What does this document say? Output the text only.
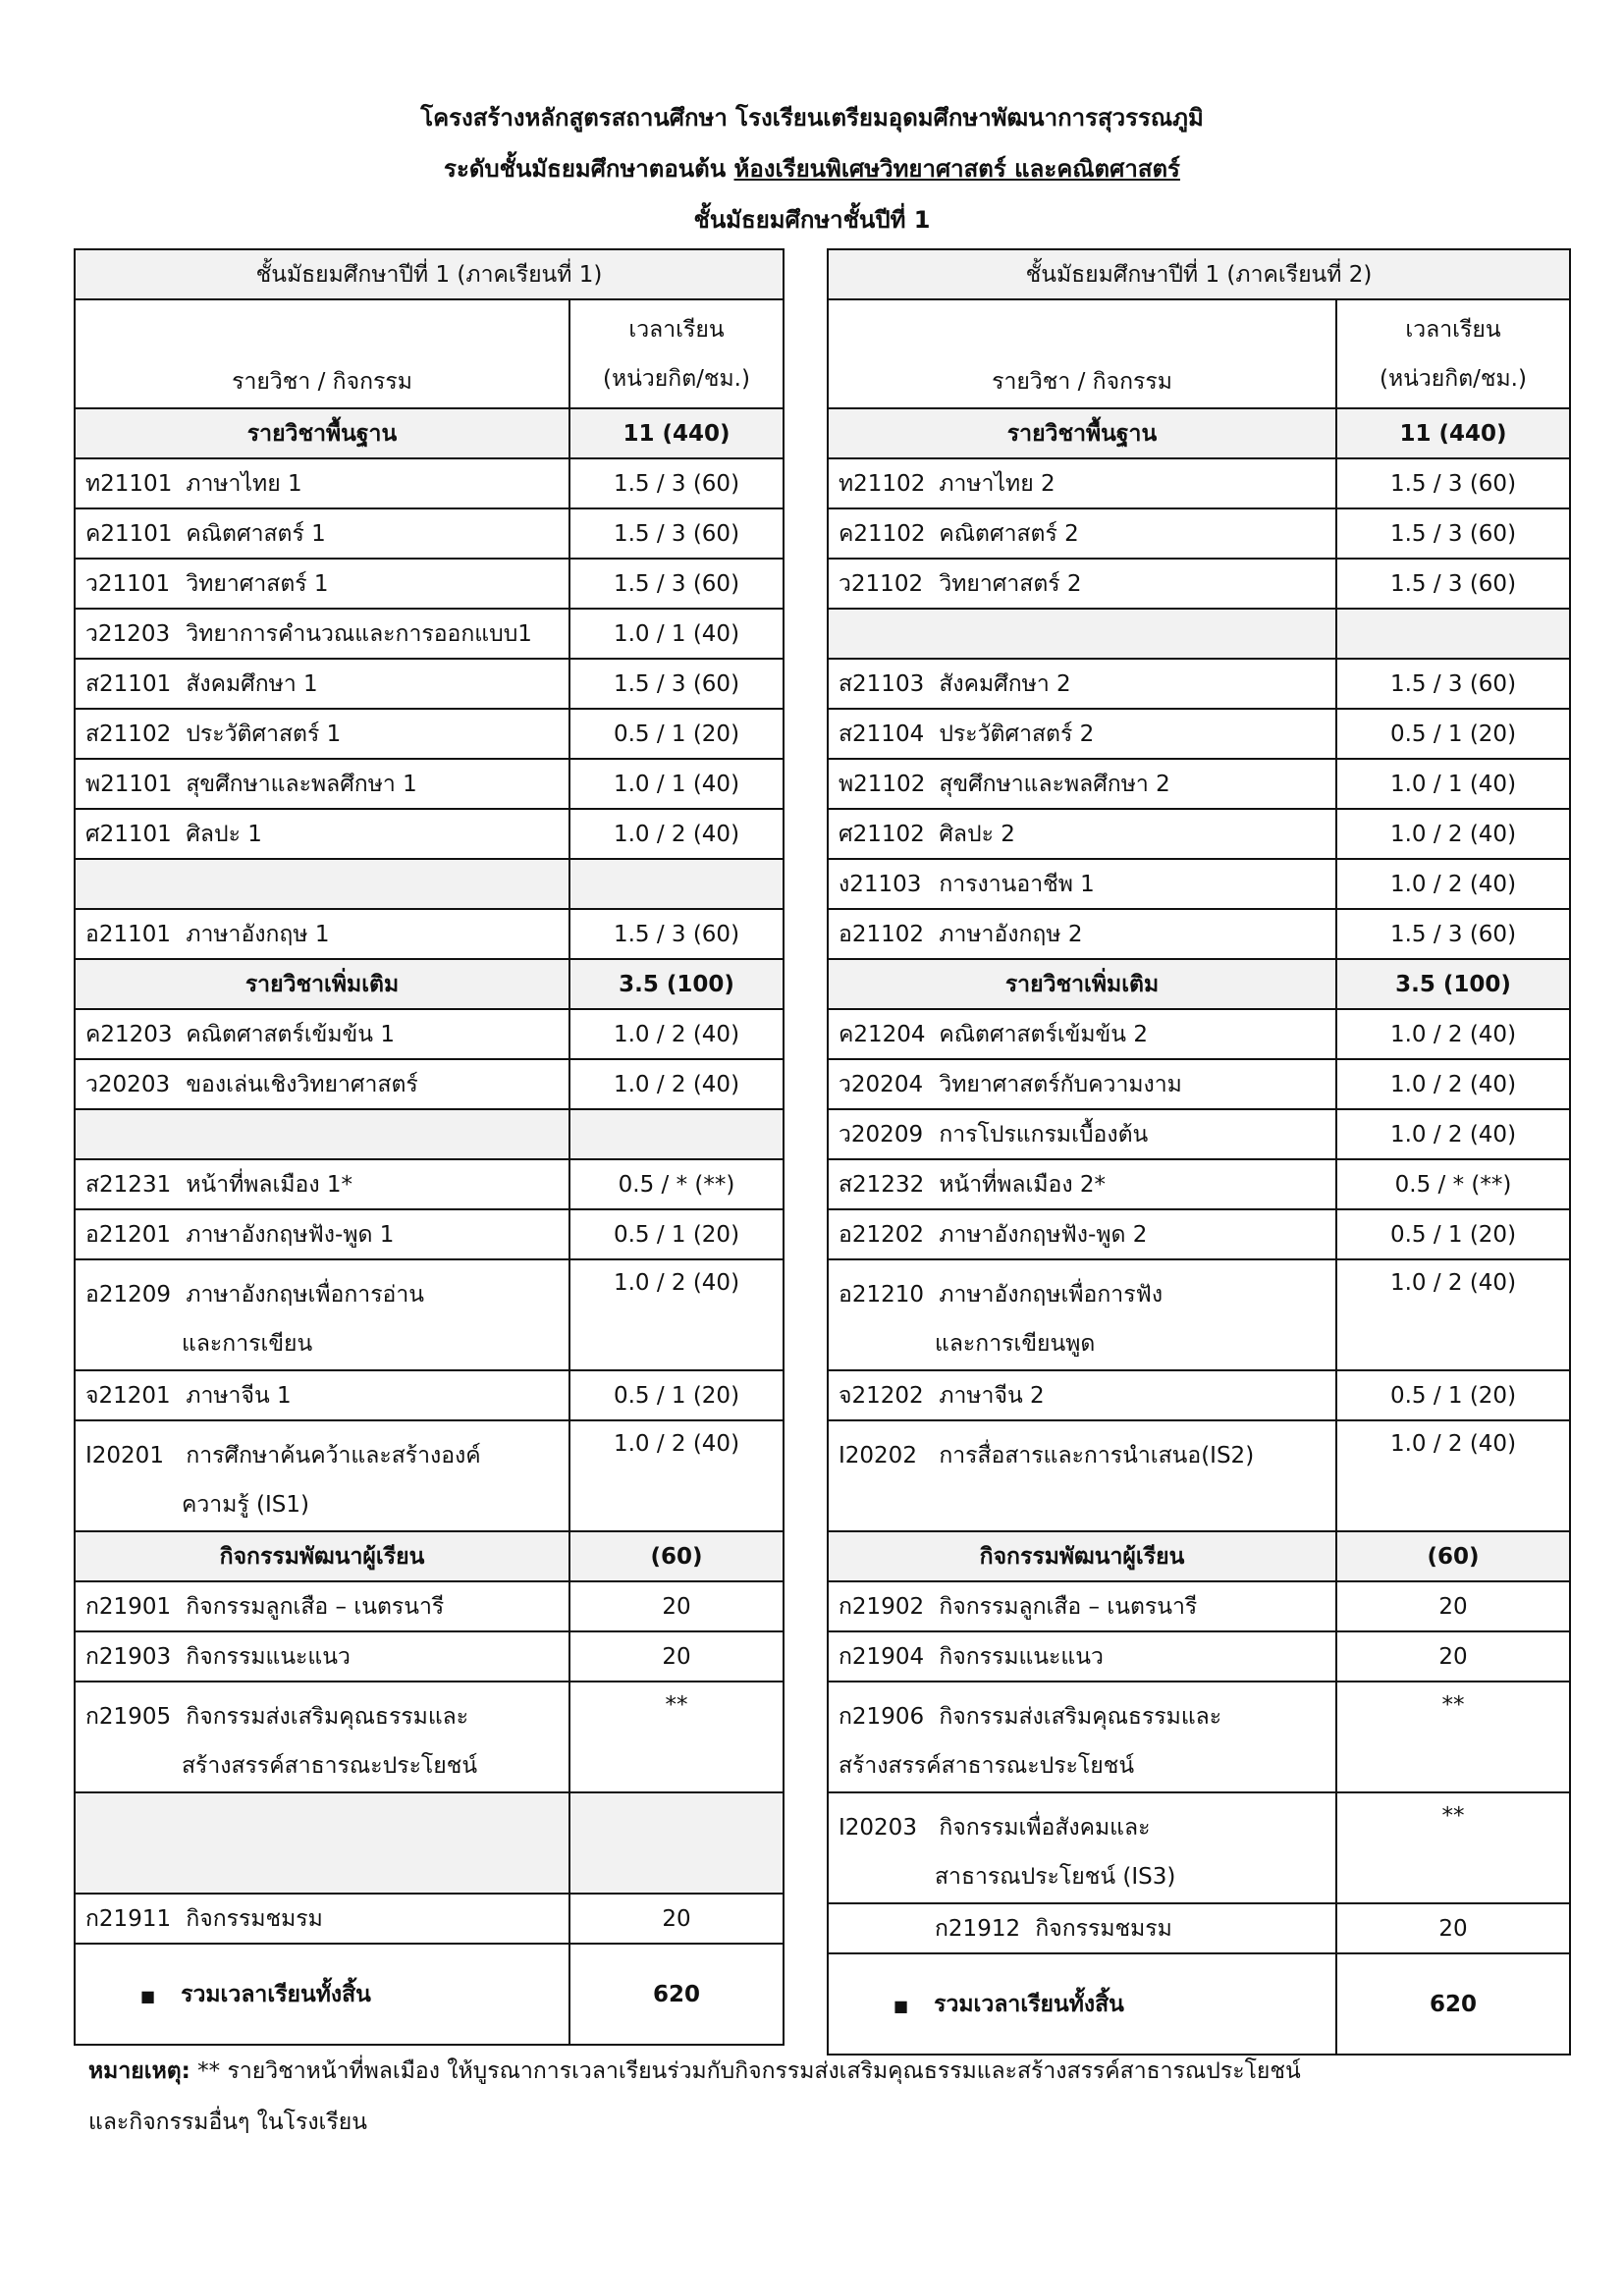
โครงสร้างหลักสูตรสถานศึกษา โรงเรียนเตรียมอุดมศึกษาพัฒนาการสุวรรณภูมิ
ระดับชั้นมัธยมศึกษาตอนต้น ห้องเรียนพิเศษวิทยาศาสตร์ และคณิตศาสตร์
ชั้นมัธยมศึกษาชั้นปีที่ 1
ชั้นมัธยมศึกษาปีที่ 1 (ภาคเรียนที่ 1)	
รายวิชา / กิจกรรม	เวลาเรียน
(หน่วยกิต/ชม.)

รายวิชาพื้นฐาน	11 (440)
ท21101 ภาษาไทย 1	1.5 / 3 (60)
ค21101 คณิตศาสตร์ 1	1.5 / 3 (60)
ว21101 วิทยาศาสตร์ 1	1.5 / 3 (60)
ว21203 วิทยาการคำนวณและการออกแบบ1	1.0 / 1 (40)
ส21101 สังคมศึกษา 1	1.5 / 3 (60)
ส21102 ประวัติศาสตร์ 1	0.5 / 1 (20)
พ21101 สุขศึกษาและพลศึกษา 1	1.0 / 1 (40)
ศ21101 ศิลปะ 1	1.0 / 2 (40)

อ21101 ภาษาอังกฤษ 1	1.5 / 3 (60)
รายวิชาเพิ่มเติม	3.5 (100)
ค21203 คณิตศาสตร์เข้มข้น 1	1.0 / 2 (40)
ว20203 ของเล่นเชิงวิทยาศาสตร์	1.0 / 2 (40)

ส21231 หน้าที่พลเมือง 1*	0.5 / * (**)
อ21201 ภาษาอังกฤษฟัง-พูด 1	0.5 / 1 (20)

อ21209 ภาษาอังกฤษเพื่อการอ่าน
และการเขียน	1.0 / 2 (40)
จ21201 ภาษาจีน 1	0.5 / 1 (20)

I20201 การศึกษาค้นคว้าและสร้างองค์
ความรู้ (IS1)	1.0 / 2 (40)
กิจกรรมพัฒนาผู้เรียน	(60)
ก21901 กิจกรรมลูกเสือ – เนตรนารี	20
ก21903 กิจกรรมแนะแนว	20

ก21905 กิจกรรมส่งเสริมคุณธรรมและ
สร้างสรรค์สาธารณะประโยชน์	**

ก21911 กิจกรรมชมรม	20
■ รวมเวลาเรียนทั้งสิ้น	620
ชั้นมัธยมศึกษาปีที่ 1 (ภาคเรียนที่ 2)	
รายวิชา / กิจกรรม	เวลาเรียน
(หน่วยกิต/ชม.)

รายวิชาพื้นฐาน	11 (440)
ท21102 ภาษาไทย 2	1.5 / 3 (60)
ค21102 คณิตศาสตร์ 2	1.5 / 3 (60)
ว21102 วิทยาศาสตร์ 2	1.5 / 3 (60)

ส21103 สังคมศึกษา 2	1.5 / 3 (60)
ส21104 ประวัติศาสตร์ 2	0.5 / 1 (20)
พ21102 สุขศึกษาและพลศึกษา 2	1.0 / 1 (40)
ศ21102 ศิลปะ 2	1.0 / 2 (40)
ง21103 การงานอาชีพ 1	1.0 / 2 (40)
อ21102 ภาษาอังกฤษ 2	1.5 / 3 (60)
รายวิชาเพิ่มเติม	3.5 (100)
ค21204 คณิตศาสตร์เข้มข้น 2	1.0 / 2 (40)
ว20204 วิทยาศาสตร์กับความงาม	1.0 / 2 (40)
ว20209 การโปรแกรมเบื้องต้น	1.0 / 2 (40)
ส21232 หน้าที่พลเมือง 2*	0.5 / * (**)
อ21202 ภาษาอังกฤษฟัง-พูด 2	0.5 / 1 (20)

อ21210 ภาษาอังกฤษเพื่อการฟัง
และการเขียนพูด	1.0 / 2 (40)
จ21202 ภาษาจีน 2	0.5 / 1 (20)

I20202 การสื่อสารและการนำเสนอ(IS2)	1.0 / 2 (40)
กิจกรรมพัฒนาผู้เรียน	(60)
ก21902 กิจกรรมลูกเสือ – เนตรนารี	20
ก21904 กิจกรรมแนะแนว	20

ก21906 กิจกรรมส่งเสริมคุณธรรมและ
สร้างสรรค์สาธารณะประโยชน์	**

I20203 กิจกรรมเพื่อสังคมและ
สาธารณประโยชน์ (IS3)	**
ก21912 กิจกรรมชมรม	20
■ รวมเวลาเรียนทั้งสิ้น	620
หมายเหตุ: ** รายวิชาหน้าที่พลเมือง ให้บูรณาการเวลาเรียนร่วมกับกิจกรรมส่งเสริมคุณธรรมและสร้างสรรค์สาธารณประโยชน์
และกิจกรรมอื่นๆ ในโรงเรียน
